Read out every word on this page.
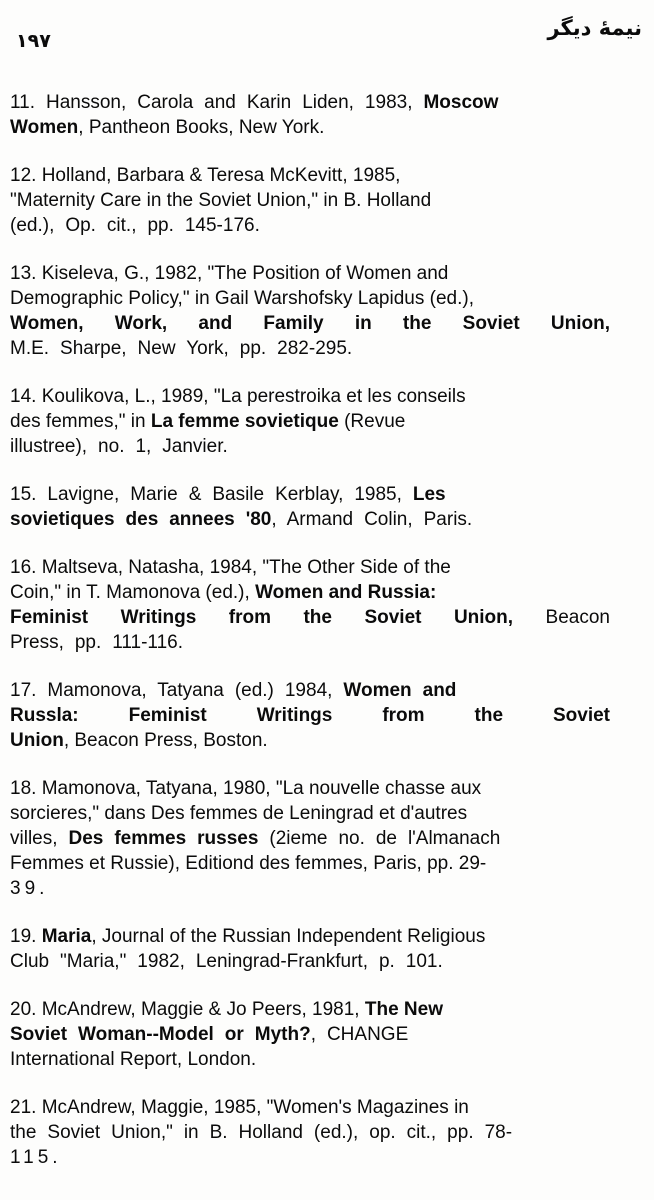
١٩٧
نيمهٔ ديگر
11. Hansson, Carola and Karin Liden, 1983, Moscow
Women, Pantheon Books, New York.
12. Holland, Barbara & Teresa McKevitt, 1985,
"Maternity Care in the Soviet Union," in B. Holland
(ed.), Op. cit., pp. 145-176.
13. Kiseleva, G., 1982, "The Position of Women and
Demographic Policy," in Gail Warshofsky Lapidus (ed.),
Women, Work, and Family in the Soviet Union,
M.E. Sharpe, New York, pp. 282-295.
14. Koulikova, L., 1989, "La perestroika et les conseils
des femmes," in La femme sovietique (Revue
illustree), no. 1, Janvier.
15. Lavigne, Marie & Basile Kerblay, 1985, Les
sovietiques des annees '80, Armand Colin, Paris.
16. Maltseva, Natasha, 1984, "The Other Side of the
Coin," in T. Mamonova (ed.), Women and Russia:
Feminist Writings from the Soviet Union, Beacon
Press, pp. 111-116.
17. Mamonova, Tatyana (ed.) 1984, Women and
Russla: Feminist Writings from the Soviet
Union, Beacon Press, Boston.
18. Mamonova, Tatyana, 1980, "La nouvelle chasse aux
sorcieres," dans Des femmes de Leningrad et d'autres
villes, Des femmes russes (2ieme no. de l'Almanach
Femmes et Russie), Editiond des femmes, Paris, pp. 29-
39.
19. Maria, Journal of the Russian Independent Religious
Club "Maria," 1982, Leningrad-Frankfurt, p. 101.
20. McAndrew, Maggie & Jo Peers, 1981, The New
Soviet Woman--Model or Myth?, CHANGE
International Report, London.
21. McAndrew, Maggie, 1985, "Women's Magazines in
the Soviet Union," in B. Holland (ed.), op. cit., pp. 78-
115.
